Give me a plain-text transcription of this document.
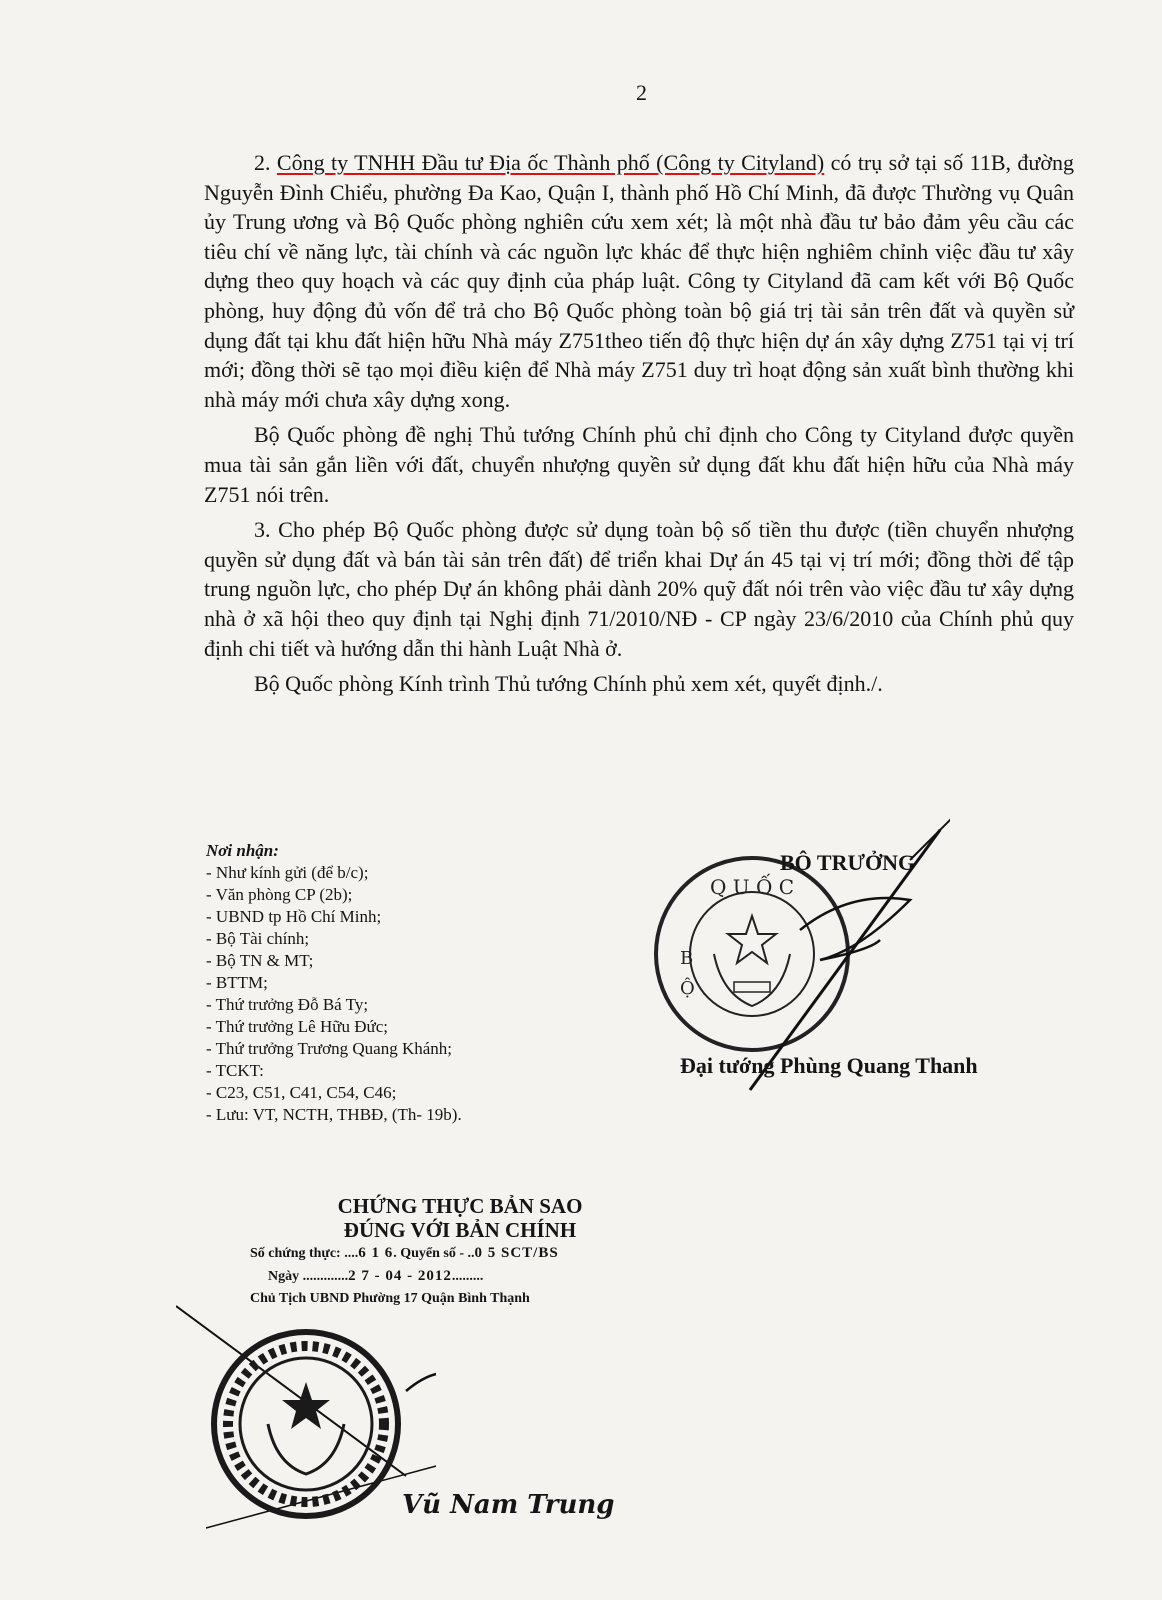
2

2. Công ty TNHH Đầu tư Địa ốc Thành phố (Công ty Cityland) có trụ sở tại số 11B, đường Nguyễn Đình Chiểu, phường Đa Kao, Quận I, thành phố Hồ Chí Minh, đã được Thường vụ Quân ủy Trung ương và Bộ Quốc phòng nghiên cứu xem xét; là một nhà đầu tư bảo đảm yêu cầu các tiêu chí về năng lực, tài chính và các nguồn lực khác để thực hiện nghiêm chỉnh việc đầu tư xây dựng theo quy hoạch và các quy định của pháp luật. Công ty Cityland đã cam kết với Bộ Quốc phòng, huy động đủ vốn để trả cho Bộ Quốc phòng toàn bộ giá trị tài sản trên đất và quyền sử dụng đất tại khu đất hiện hữu Nhà máy Z751theo tiến độ thực hiện dự án xây dựng Z751 tại vị trí mới; đồng thời sẽ tạo mọi điều kiện để Nhà máy Z751 duy trì hoạt động sản xuất bình thường khi nhà máy mới chưa xây dựng xong.

Bộ Quốc phòng đề nghị Thủ tướng Chính phủ chỉ định cho Công ty Cityland được quyền mua tài sản gắn liền với đất, chuyển nhượng quyền sử dụng đất khu đất hiện hữu của Nhà máy Z751 nói trên.

3. Cho phép Bộ Quốc phòng được sử dụng toàn bộ số tiền thu được (tiền chuyển nhượng quyền sử dụng đất và bán tài sản trên đất) để triển khai Dự án 45 tại vị trí mới; đồng thời để tập trung nguồn lực, cho phép Dự án không phải dành 20% quỹ đất nói trên vào việc đầu tư xây dựng nhà ở xã hội theo quy định tại Nghị định 71/2010/NĐ - CP ngày 23/6/2010 của Chính phủ quy định chi tiết và hướng dẫn thi hành Luật Nhà ở.

Bộ Quốc phòng Kính trình Thủ tướng Chính phủ xem xét, quyết định./.

Nơi nhận:
- Như kính gửi (để b/c);
- Văn phòng CP (2b);
- UBND tp Hồ Chí Minh;
- Bộ Tài chính;
- Bộ TN & MT;
- BTTM;
- Thứ trưởng Đỗ Bá Ty;
- Thứ trưởng Lê Hữu Đức;
- Thứ trưởng Trương Quang Khánh;
- TCKT:
- C23, C51, C41, C54, C46;
- Lưu: VT, NCTH, THBĐ, (Th- 19b).
Q U Ố C
B
Ộ
BỘ TRƯỞNG
Đại tướng Phùng Quang Thanh
CHỨNG THỰC BẢN SAO
ĐÚNG VỚI BẢN CHÍNH
Số chứng thực: ....6 1 6. Quyển số - ..0 5 SCT/BS
Ngày .............2 7 - 04 - 2012.........
Chủ Tịch UBND Phường 17 Quận Bình Thạnh
Vũ Nam Trung
